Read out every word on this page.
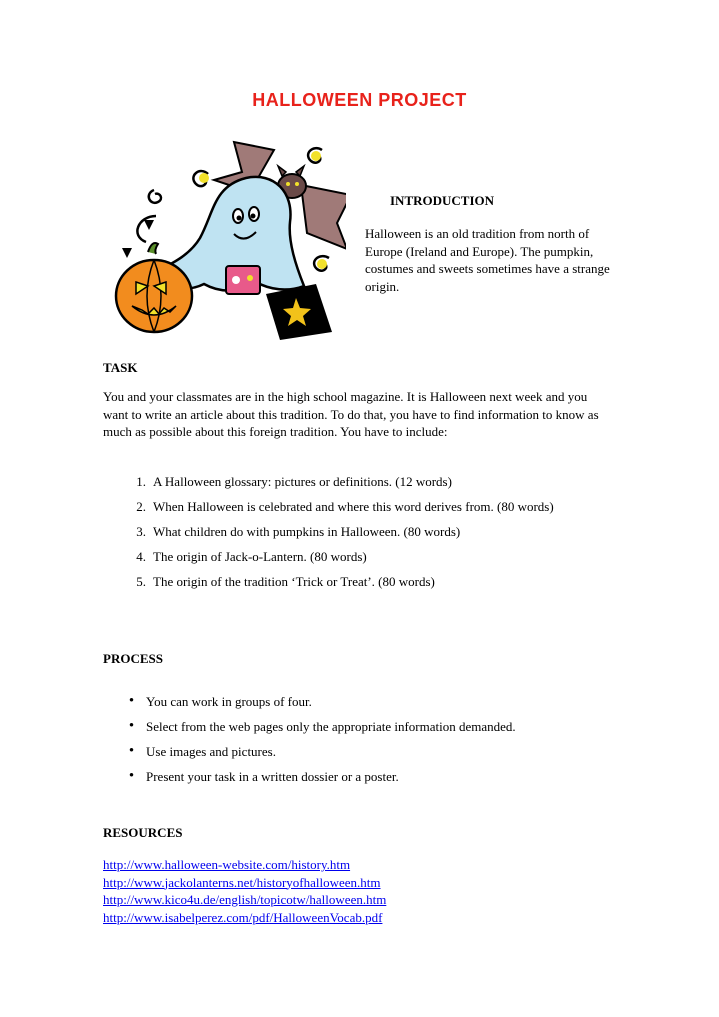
HALLOWEEN PROJECT
INTRODUCTION
Halloween is an old tradition from north of Europe (Ireland and Europe). The pumpkin, costumes and sweets sometimes have a strange origin.
TASK
You and your classmates are in the high school magazine. It is Halloween next week and you want to write an article about this tradition. To do that, you have to find information to know as much as possible about this foreign tradition. You have to include:
1. A Halloween glossary: pictures or definitions. (12 words)
2. When Halloween is celebrated and where this word derives from. (80 words)
3. What children do with pumpkins in Halloween. (80 words)
4. The origin of Jack-o-Lantern. (80 words)
5. The origin of the tradition ‘Trick or Treat’. (80 words)
PROCESS
• You can work in groups of four.
• Select from the web pages only the appropriate information demanded.
• Use images and pictures.
• Present your task in a written dossier or a poster.
RESOURCES
http://www.halloween-website.com/history.htm
http://www.jackolanterns.net/historyofhalloween.htm
http://www.kico4u.de/english/topicotw/halloween.htm
http://www.isabelperez.com/pdf/HalloweenVocab.pdf
